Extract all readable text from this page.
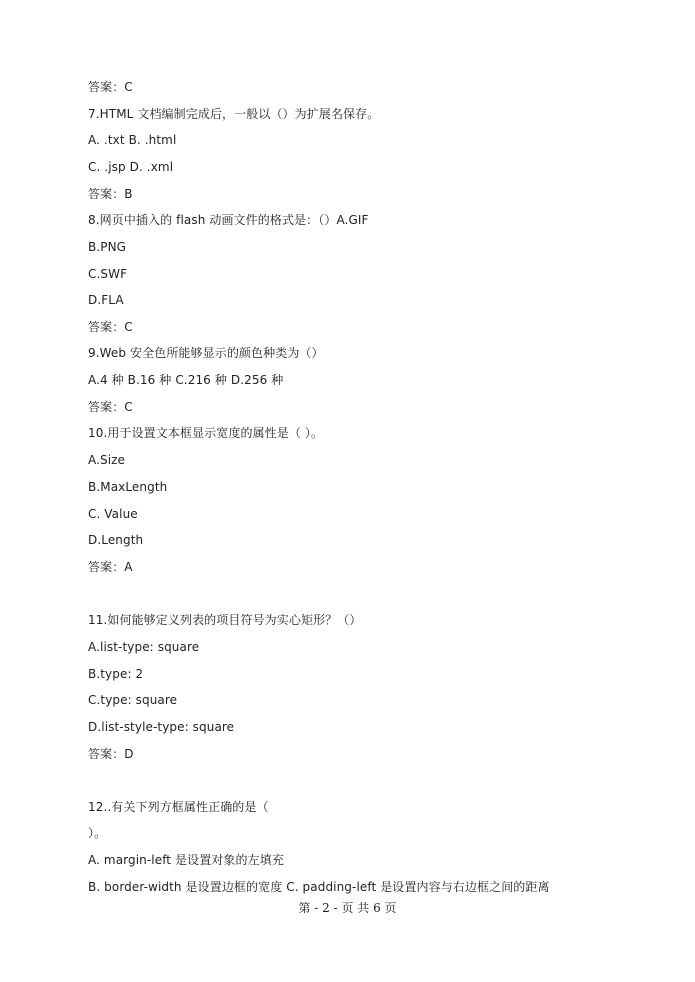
答案：C
7.HTML 文档编制完成后，一般以（）为扩展名保存。
A. .txt B. .html
C. .jsp D. .xml
答案：B
8.网页中插入的 flash 动画文件的格式是：（）A.GIF
B.PNG
C.SWF
D.FLA
答案：C
9.Web 安全色所能够显示的颜色种类为（）
A.4 种 B.16 种 C.216 种 D.256 种
答案：C
10.用于设置文本框显示宽度的属性是（ ）。
A.Size
B.MaxLength
C. Value
D.Length
答案：A
11.如何能够定义列表的项目符号为实心矩形？（）
A.list-type: square
B.type: 2
C.type: square
D.list-style-type: square
答案：D
12..有关下列方框属性正确的是（
）。
A. margin-left 是设置对象的左填充
B. border-width 是设置边框的宽度 C. padding-left 是设置内容与右边框之间的距离
第 - 2 - 页 共 6 页
